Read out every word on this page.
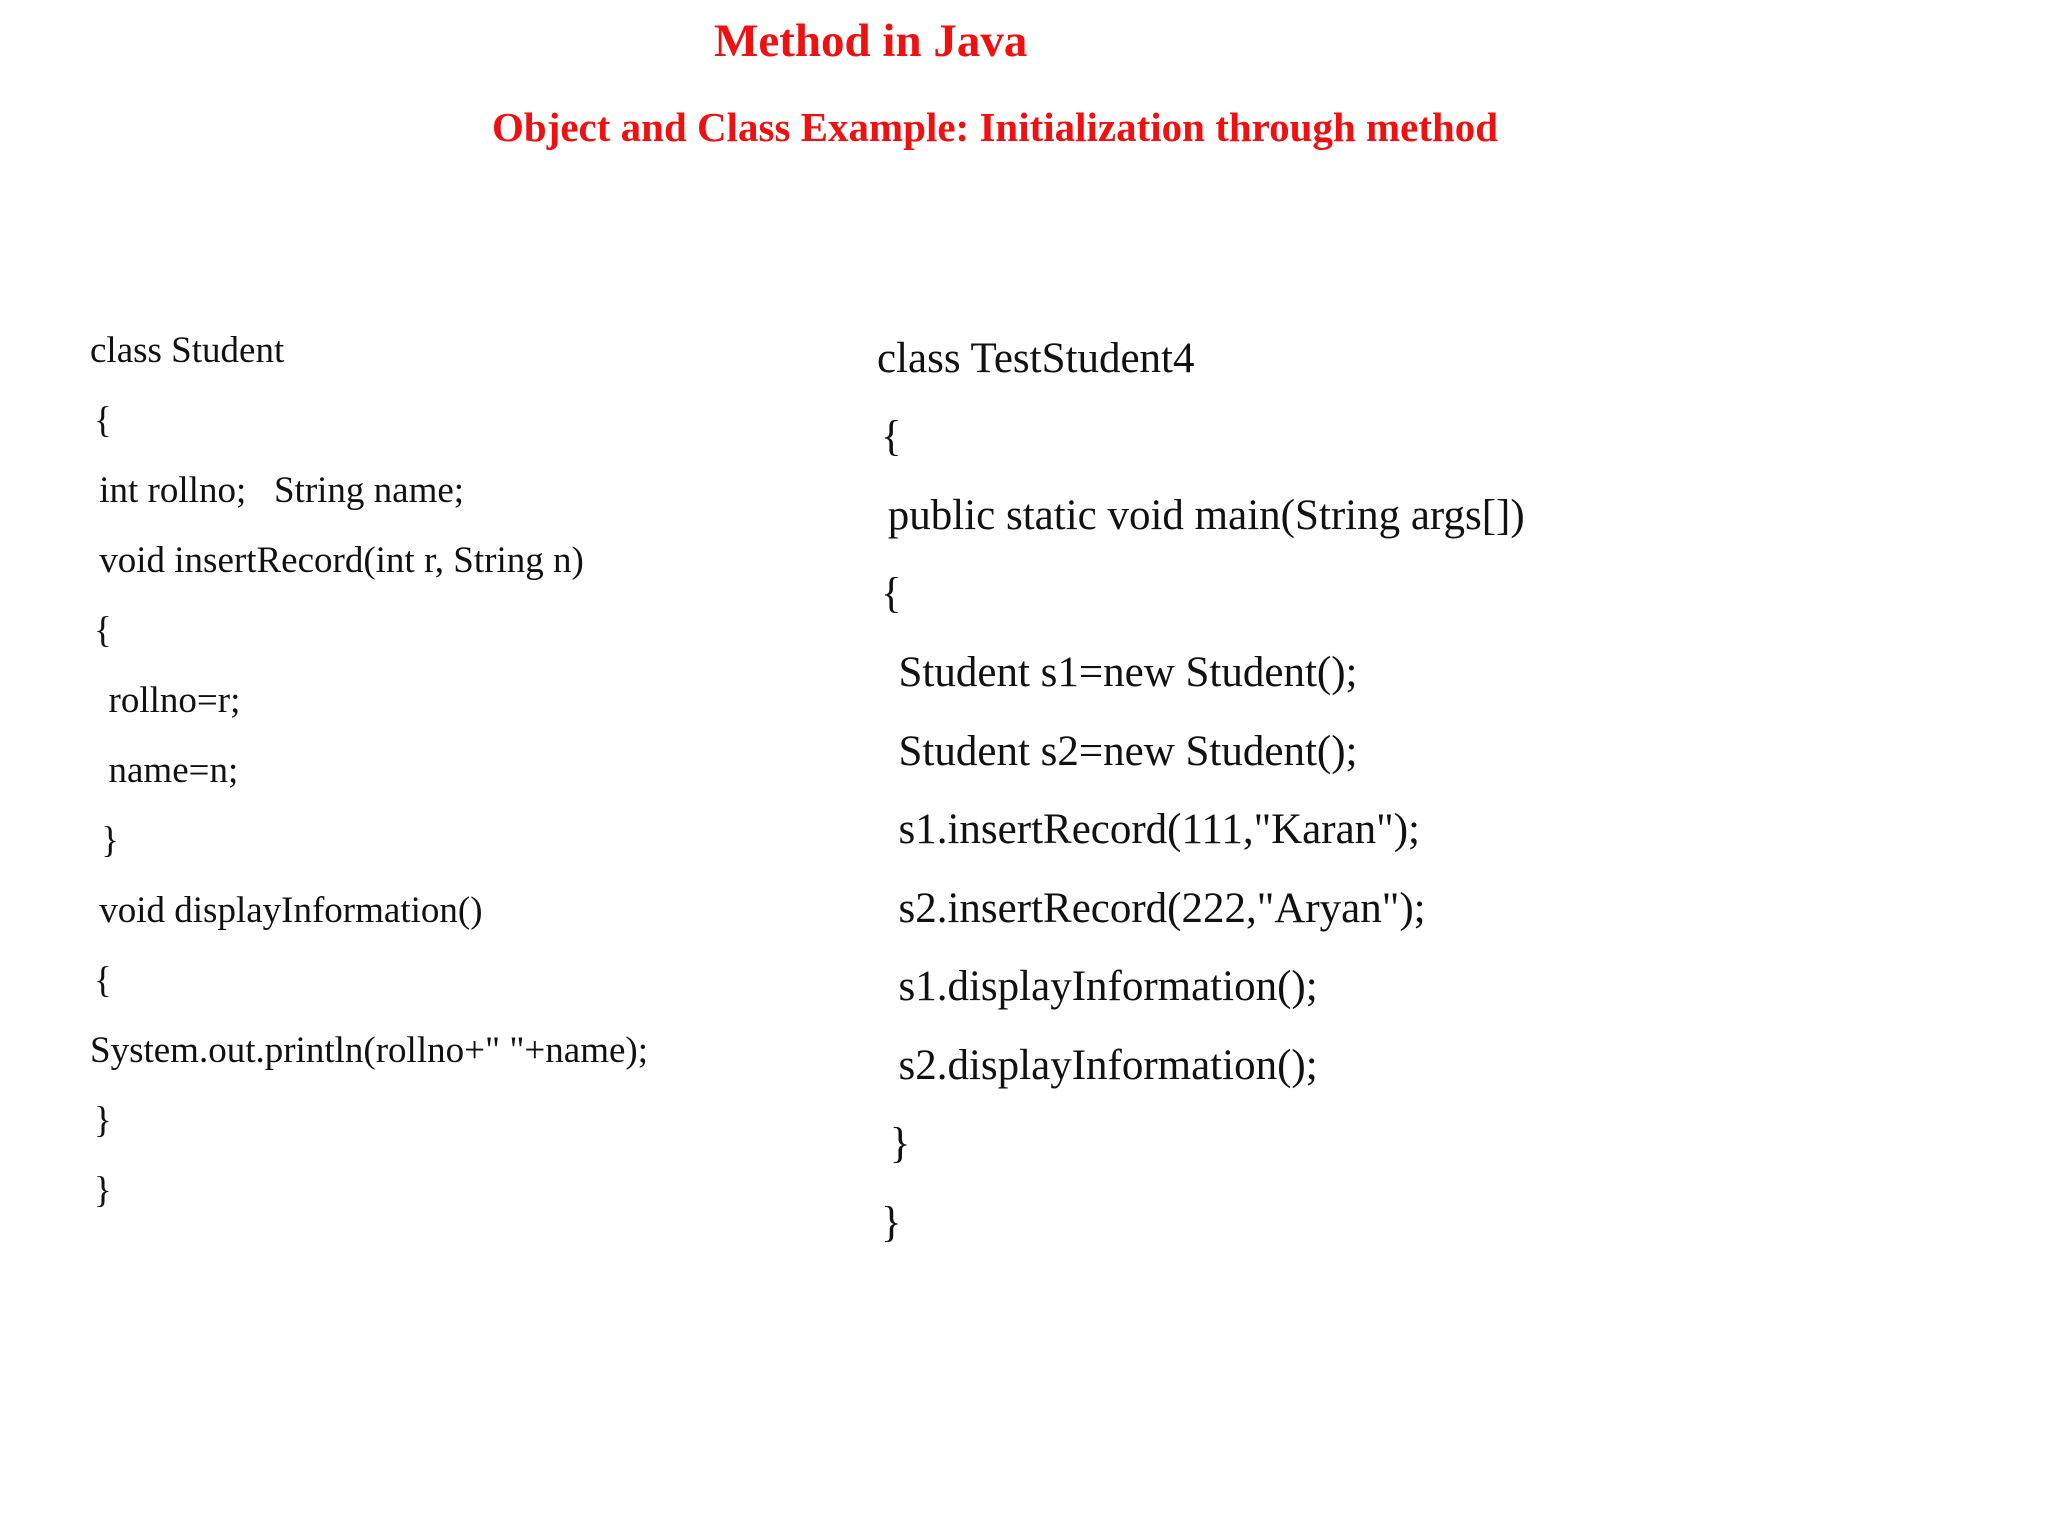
Method in Java
Object and Class Example: Initialization through method
class Student
{
int rollno;   String name;
void insertRecord(int r, String n)
{
rollno=r;
name=n;
}
void displayInformation()
{
System.out.println(rollno+" "+name);
}
}
class TestStudent4
{
public static void main(String args[])
{
Student s1=new Student();
Student s2=new Student();
s1.insertRecord(111,"Karan");
s2.insertRecord(222,"Aryan");
s1.displayInformation();
s2.displayInformation();
}
}
